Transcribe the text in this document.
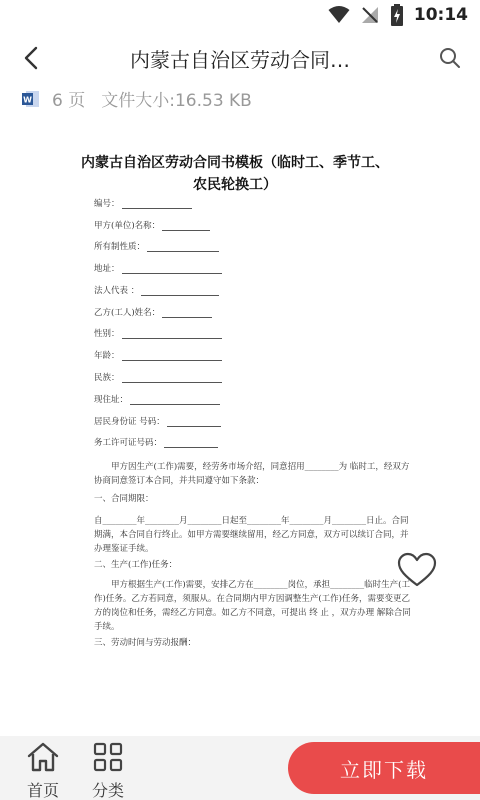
10:14
内蒙古自治区劳动合同…
W 6 页 文件大小:16.53 KB
内蒙古自治区劳动合同书模板（临时工、季节工、
农民轮换工）
编号：
甲方(单位)名称：
所有制性质：
地址：
法人代表 ：
乙方(工人)姓名：
性别：
年龄：
民族：
现住址：
居民身份证 号码：
务工许可证号码：
甲方因生产(工作)需要，经劳务市场介绍，同意招用________为 临时工，经双方协商同意签订本合同，并共同遵守如下条款：
一、合同期限：
自________年________月________日起至________年________月________日止。合同期满，本合同自行终止。如甲方需要继续留用，经乙方同意，双方可以续订合同，并办理鉴证手续。
二、生产(工作)任务：
甲方根据生产(工作)需要，安排乙方在________岗位，承担________临时生产(工作)任务。乙方若同意，须服从。在合同期内甲方因调整生产(工作)任务，需要变更乙方的岗位和任务，需经乙方同意。如乙方不同意，可提出 终 止 ，双方办理 解除合同 手续。
三、劳动时间与劳动报酬：
首页 分类
立即下载
